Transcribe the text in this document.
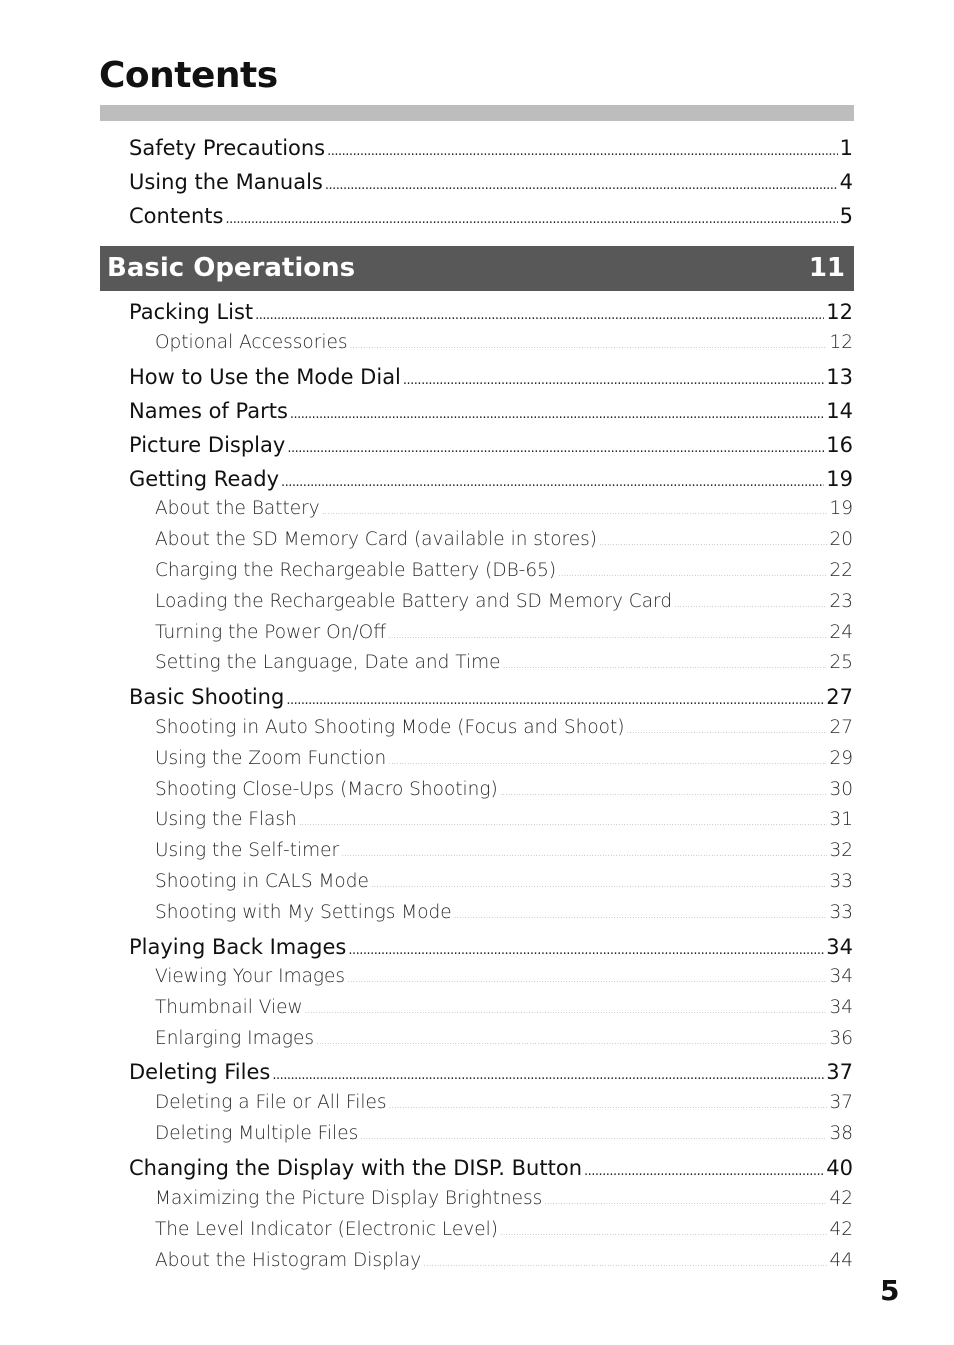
Contents
Safety Precautions .....	1
Using the Manuals .....	4
Contents .....	5
Basic Operations	11
Packing List .....	12
Optional Accessories .....	12
How to Use the Mode Dial .....	13
Names of Parts .....	14
Picture Display .....	16
Getting Ready .....	19
About the Battery .....	19
About the SD Memory Card (available in stores) .....	20
Charging the Rechargeable Battery (DB-65) .....	22
Loading the Rechargeable Battery and SD Memory Card .....	23
Turning the Power On/Off .....	24
Setting the Language, Date and Time .....	25
Basic Shooting .....	27
Shooting in Auto Shooting Mode (Focus and Shoot) .....	27
Using the Zoom Function .....	29
Shooting Close-Ups (Macro Shooting) .....	30
Using the Flash .....	31
Using the Self-timer .....	32
Shooting in CALS Mode .....	33
Shooting with My Settings Mode .....	33
Playing Back Images .....	34
Viewing Your Images .....	34
Thumbnail View .....	34
Enlarging Images .....	36
Deleting Files .....	37
Deleting a File or All Files .....	37
Deleting Multiple Files .....	38
Changing the Display with the DISP. Button .....	40
Maximizing the Picture Display Brightness .....	42
The Level Indicator (Electronic Level) .....	42
About the Histogram Display .....	44
5
